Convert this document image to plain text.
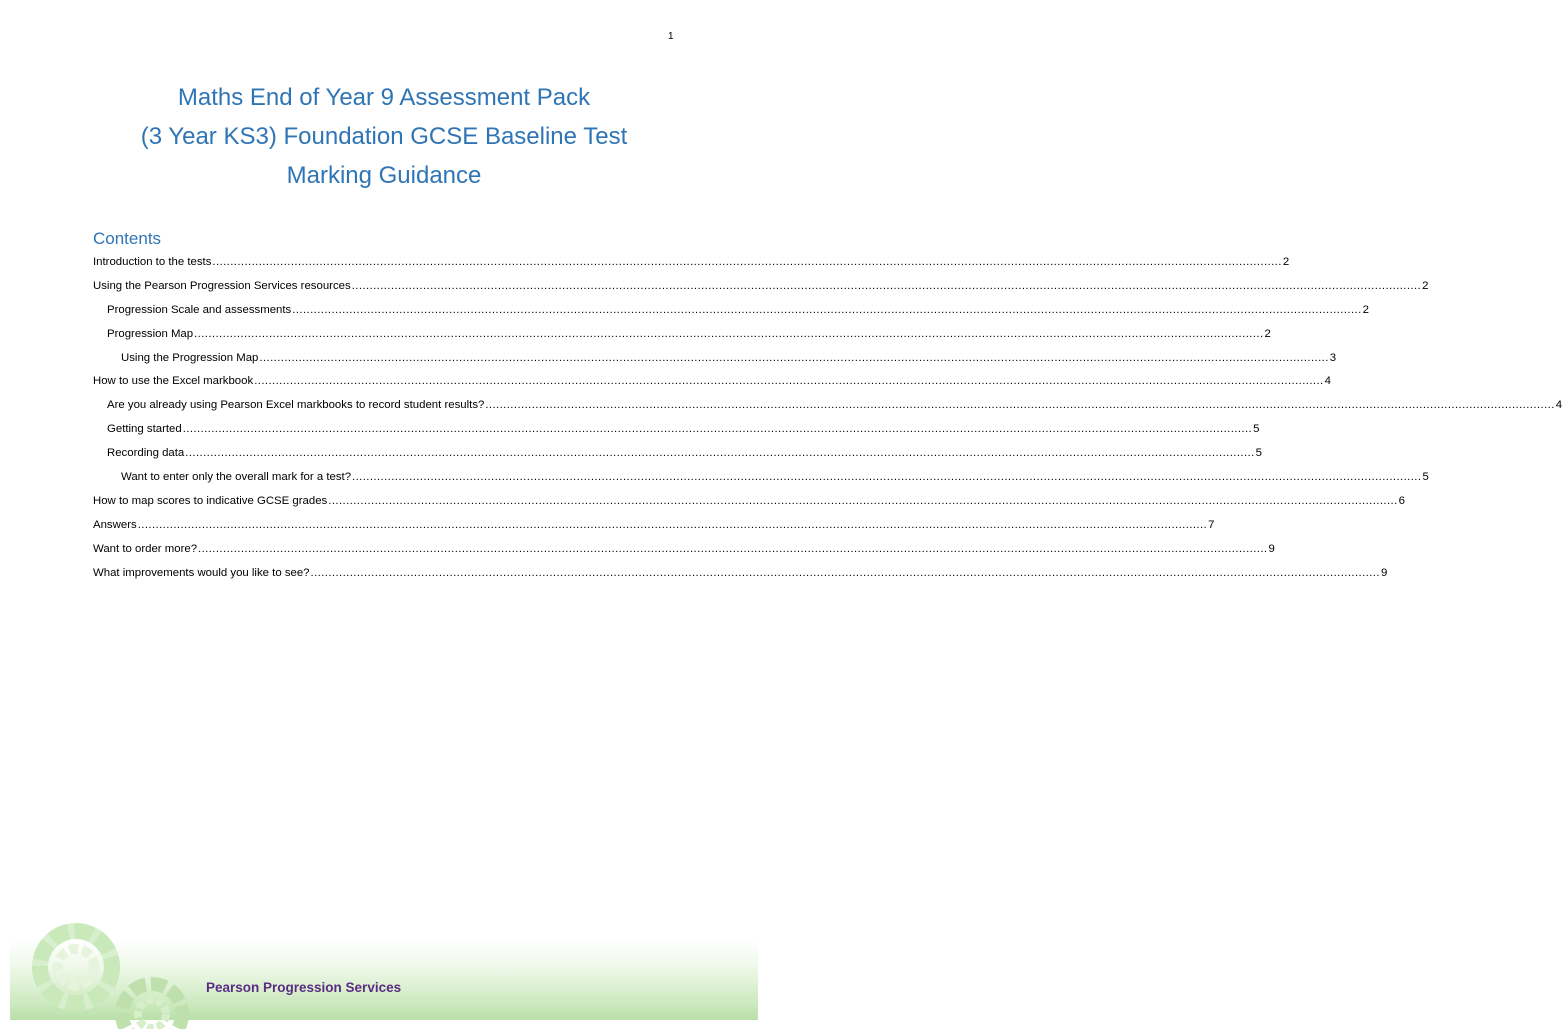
1
Maths End of Year 9 Assessment Pack
(3 Year KS3) Foundation GCSE Baseline Test
Marking Guidance
Contents
Introduction to the tests ............................................................................................................................................................................................................................................................................................................ 2
Using the Pearson Progression Services resources ............................................................................................................................................................................................................................................................................................................ 2
Progression Scale and assessments ............................................................................................................................................................................................................................................................................................................ 2
Progression Map ............................................................................................................................................................................................................................................................................................................ 2
Using the Progression Map ............................................................................................................................................................................................................................................................................................................ 3
How to use the Excel markbook ............................................................................................................................................................................................................................................................................................................ 4
Are you already using Pearson Excel markbooks to record student results? ............................................................................................................................................................................................................................................................................................................ 4
Getting started ............................................................................................................................................................................................................................................................................................................ 5
Recording data ............................................................................................................................................................................................................................................................................................................ 5
Want to enter only the overall mark for a test? ............................................................................................................................................................................................................................................................................................................ 5
How to map scores to indicative GCSE grades ............................................................................................................................................................................................................................................................................................................ 6
Answers ............................................................................................................................................................................................................................................................................................................ 7
Want to order more? ............................................................................................................................................................................................................................................................................................................ 9
What improvements would you like to see? ............................................................................................................................................................................................................................................................................................................ 9
Pearson Progression Services
